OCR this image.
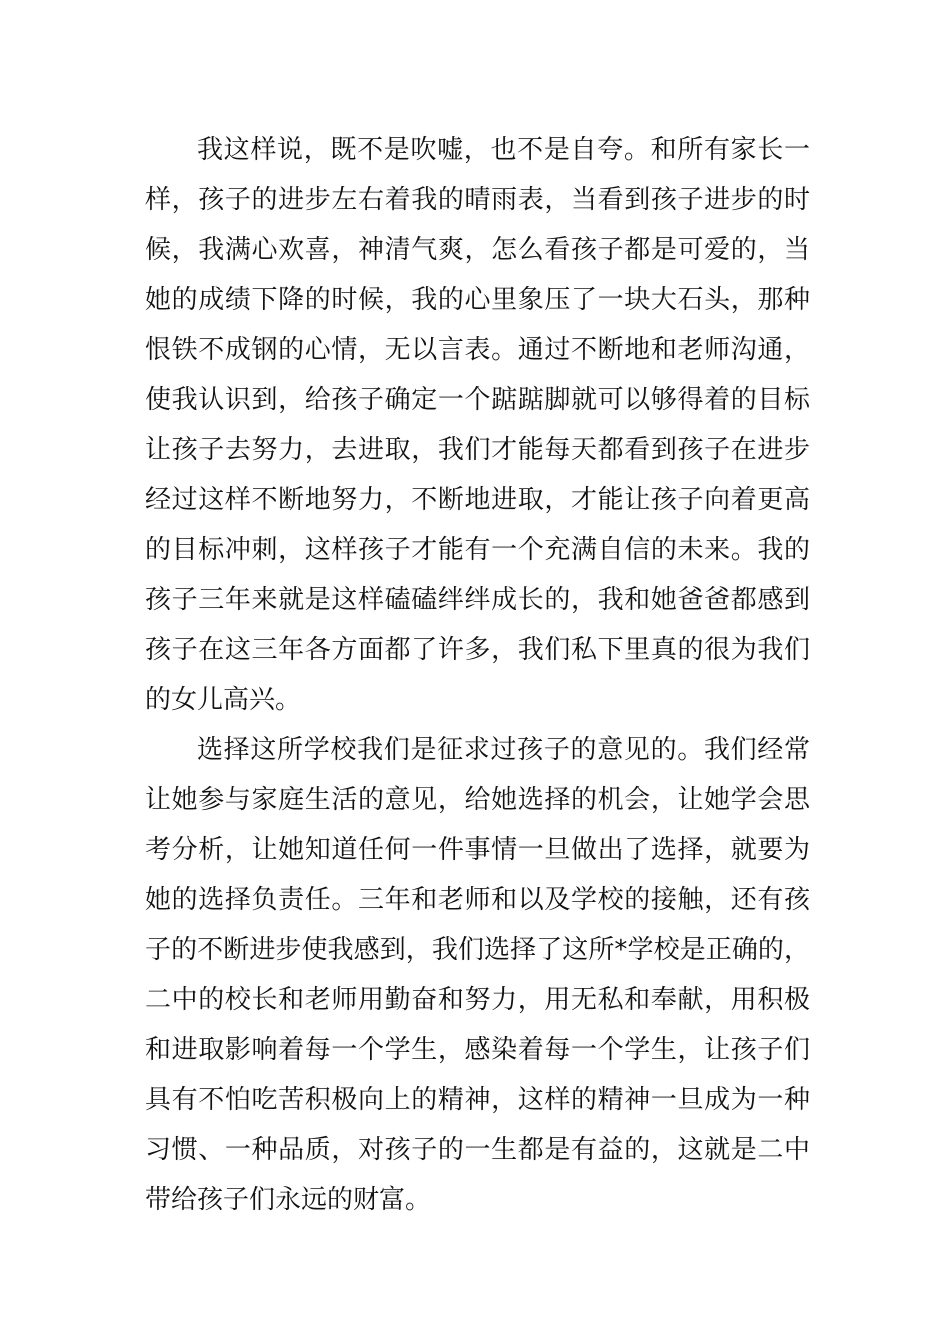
我这样说，既不是吹嘘，也不是自夸。和所有家长一
样，孩子的进步左右着我的晴雨表，当看到孩子进步的时
候，我满心欢喜，神清气爽，怎么看孩子都是可爱的，当
她的成绩下降的时候，我的心里象压了一块大石头，那种
恨铁不成钢的心情，无以言表。通过不断地和老师沟通，
使我认识到，给孩子确定一个踮踮脚就可以够得着的目标
让孩子去努力，去进取，我们才能每天都看到孩子在进步
经过这样不断地努力，不断地进取，才能让孩子向着更高
的目标冲刺，这样孩子才能有一个充满自信的未来。我的
孩子三年来就是这样磕磕绊绊成长的，我和她爸爸都感到
孩子在这三年各方面都了许多，我们私下里真的很为我们
的女儿高兴。
选择这所学校我们是征求过孩子的意见的。我们经常
让她参与家庭生活的意见，给她选择的机会，让她学会思
考分析，让她知道任何一件事情一旦做出了选择，就要为
她的选择负责任。三年和老师和以及学校的接触，还有孩
子的不断进步使我感到，我们选择了这所*学校是正确的，
二中的校长和老师用勤奋和努力，用无私和奉献，用积极
和进取影响着每一个学生，感染着每一个学生，让孩子们
具有不怕吃苦积极向上的精神，这样的精神一旦成为一种
习惯、一种品质，对孩子的一生都是有益的，这就是二中
带给孩子们永远的财富。
